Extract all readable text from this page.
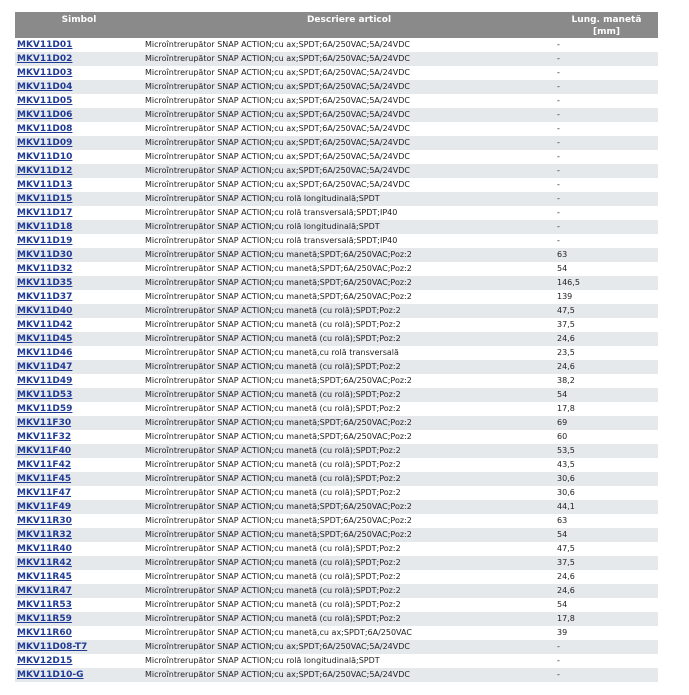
Simbol	Descriere articol	Lung. manetă
[mm]
MKV11D01	Microîntrerupător SNAP ACTION;cu ax;SPDT;6A/250VAC;5A/24VDC	-
MKV11D02	Microîntrerupător SNAP ACTION;cu ax;SPDT;6A/250VAC;5A/24VDC	-
MKV11D03	Microîntrerupător SNAP ACTION;cu ax;SPDT;6A/250VAC;5A/24VDC	-
MKV11D04	Microîntrerupător SNAP ACTION;cu ax;SPDT;6A/250VAC;5A/24VDC	-
MKV11D05	Microîntrerupător SNAP ACTION;cu ax;SPDT;6A/250VAC;5A/24VDC	-
MKV11D06	Microîntrerupător SNAP ACTION;cu ax;SPDT;6A/250VAC;5A/24VDC	-
MKV11D08	Microîntrerupător SNAP ACTION;cu ax;SPDT;6A/250VAC;5A/24VDC	-
MKV11D09	Microîntrerupător SNAP ACTION;cu ax;SPDT;6A/250VAC;5A/24VDC	-
MKV11D10	Microîntrerupător SNAP ACTION;cu ax;SPDT;6A/250VAC;5A/24VDC	-
MKV11D12	Microîntrerupător SNAP ACTION;cu ax;SPDT;6A/250VAC;5A/24VDC	-
MKV11D13	Microîntrerupător SNAP ACTION;cu ax;SPDT;6A/250VAC;5A/24VDC	-
MKV11D15	Microîntrerupător SNAP ACTION;cu rolă longitudinală;SPDT	-
MKV11D17	Microîntrerupător SNAP ACTION;cu rolă transversală;SPDT;IP40	-
MKV11D18	Microîntrerupător SNAP ACTION;cu rolă longitudinală;SPDT	-
MKV11D19	Microîntrerupător SNAP ACTION;cu rolă transversală;SPDT;IP40	-
MKV11D30	Microîntrerupător SNAP ACTION;cu manetă;SPDT;6A/250VAC;Poz:2	63
MKV11D32	Microîntrerupător SNAP ACTION;cu manetă;SPDT;6A/250VAC;Poz:2	54
MKV11D35	Microîntrerupător SNAP ACTION;cu manetă;SPDT;6A/250VAC;Poz:2	146,5
MKV11D37	Microîntrerupător SNAP ACTION;cu manetă;SPDT;6A/250VAC;Poz:2	139
MKV11D40	Microîntrerupător SNAP ACTION;cu manetă (cu rolă);SPDT;Poz:2	47,5
MKV11D42	Microîntrerupător SNAP ACTION;cu manetă (cu rolă);SPDT;Poz:2	37,5
MKV11D45	Microîntrerupător SNAP ACTION;cu manetă (cu rolă);SPDT;Poz:2	24,6
MKV11D46	Microîntrerupător SNAP ACTION;cu manetă,cu rolă transversală	23,5
MKV11D47	Microîntrerupător SNAP ACTION;cu manetă (cu rolă);SPDT;Poz:2	24,6
MKV11D49	Microîntrerupător SNAP ACTION;cu manetă;SPDT;6A/250VAC;Poz:2	38,2
MKV11D53	Microîntrerupător SNAP ACTION;cu manetă (cu rolă);SPDT;Poz:2	54
MKV11D59	Microîntrerupător SNAP ACTION;cu manetă (cu rolă);SPDT;Poz:2	17,8
MKV11F30	Microîntrerupător SNAP ACTION;cu manetă;SPDT;6A/250VAC;Poz:2	69
MKV11F32	Microîntrerupător SNAP ACTION;cu manetă;SPDT;6A/250VAC;Poz:2	60
MKV11F40	Microîntrerupător SNAP ACTION;cu manetă (cu rolă);SPDT;Poz:2	53,5
MKV11F42	Microîntrerupător SNAP ACTION;cu manetă (cu rolă);SPDT;Poz:2	43,5
MKV11F45	Microîntrerupător SNAP ACTION;cu manetă (cu rolă);SPDT;Poz:2	30,6
MKV11F47	Microîntrerupător SNAP ACTION;cu manetă (cu rolă);SPDT;Poz:2	30,6
MKV11F49	Microîntrerupător SNAP ACTION;cu manetă;SPDT;6A/250VAC;Poz:2	44,1
MKV11R30	Microîntrerupător SNAP ACTION;cu manetă;SPDT;6A/250VAC;Poz:2	63
MKV11R32	Microîntrerupător SNAP ACTION;cu manetă;SPDT;6A/250VAC;Poz:2	54
MKV11R40	Microîntrerupător SNAP ACTION;cu manetă (cu rolă);SPDT;Poz:2	47,5
MKV11R42	Microîntrerupător SNAP ACTION;cu manetă (cu rolă);SPDT;Poz:2	37,5
MKV11R45	Microîntrerupător SNAP ACTION;cu manetă (cu rolă);SPDT;Poz:2	24,6
MKV11R47	Microîntrerupător SNAP ACTION;cu manetă (cu rolă);SPDT;Poz:2	24,6
MKV11R53	Microîntrerupător SNAP ACTION;cu manetă (cu rolă);SPDT;Poz:2	54
MKV11R59	Microîntrerupător SNAP ACTION;cu manetă (cu rolă);SPDT;Poz:2	17,8
MKV11R60	Microîntrerupător SNAP ACTION;cu manetă,cu ax;SPDT;6A/250VAC	39
MKV11D08-T7	Microîntrerupător SNAP ACTION;cu ax;SPDT;6A/250VAC;5A/24VDC	-
MKV12D15	Microîntrerupător SNAP ACTION;cu rolă longitudinală;SPDT	-
MKV11D10-G	Microîntrerupător SNAP ACTION;cu ax;SPDT;6A/250VAC;5A/24VDC	-
